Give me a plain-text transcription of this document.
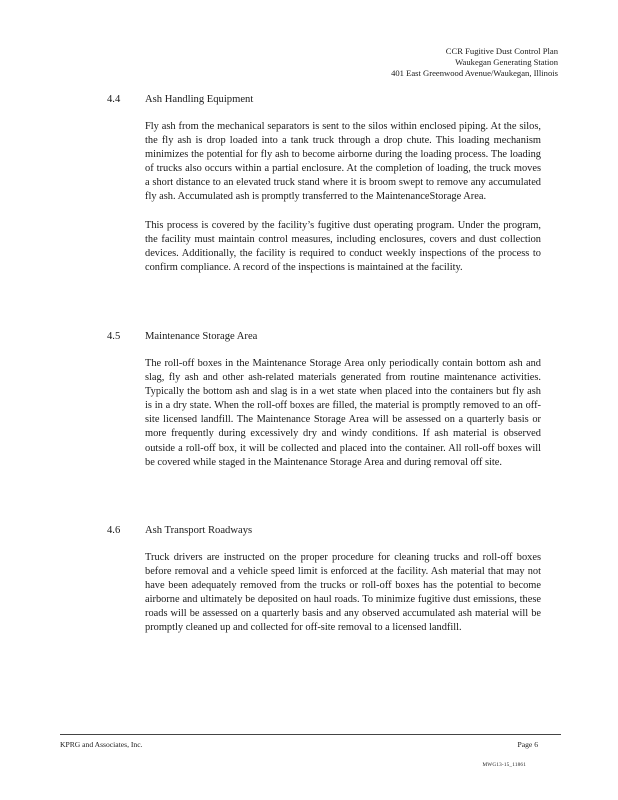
CCR Fugitive Dust Control Plan
Waukegan Generating Station
401 East Greenwood Avenue/Waukegan, Illinois
4.4 Ash Handling Equipment

Fly ash from the mechanical separators is sent to the silos within enclosed piping. At the silos, the fly ash is drop loaded into a tank truck through a drop chute. This loading mechanism minimizes the potential for fly ash to become airborne during the loading process. The loading of trucks also occurs within a partial enclosure. At the completion of loading, the truck moves a short distance to an elevated truck stand where it is broom swept to remove any accumulated fly ash. Accumulated ash is promptly transferred to the MaintenanceStorage Area.

This process is covered by the facility’s fugitive dust operating program. Under the program, the facility must maintain control measures, including enclosures, covers and dust collection devices. Additionally, the facility is required to conduct weekly inspections of the process to confirm compliance. A record of the inspections is maintained at the facility.

4.5 Maintenance Storage Area

The roll-off boxes in the Maintenance Storage Area only periodically contain bottom ash and slag, fly ash and other ash-related materials generated from routine maintenance activities. Typically the bottom ash and slag is in a wet state when placed into the containers but fly ash is in a dry state. When the roll-off boxes are filled, the material is promptly removed to an off-site licensed landfill. The Maintenance Storage Area will be assessed on a quarterly basis or more frequently during excessively dry and windy conditions. If ash material is observed outside a roll-off box, it will be collected and placed into the container. All roll-off boxes will be covered while staged in the Maintenance Storage Area and during removal off site.

4.6 Ash Transport Roadways

Truck drivers are instructed on the proper procedure for cleaning trucks and roll-off boxes before removal and a vehicle speed limit is enforced at the facility. Ash material that may not have been adequately removed from the trucks or roll-off boxes has the potential to become airborne and ultimately be deposited on haul roads. To minimize fugitive dust emissions, these roads will be assessed on a quarterly basis and any observed accumulated ash material will be promptly cleaned up and collected for off-site removal to a licensed landfill.

KPRG and Associates, Inc.	Page 6
MWG13-15_11861
